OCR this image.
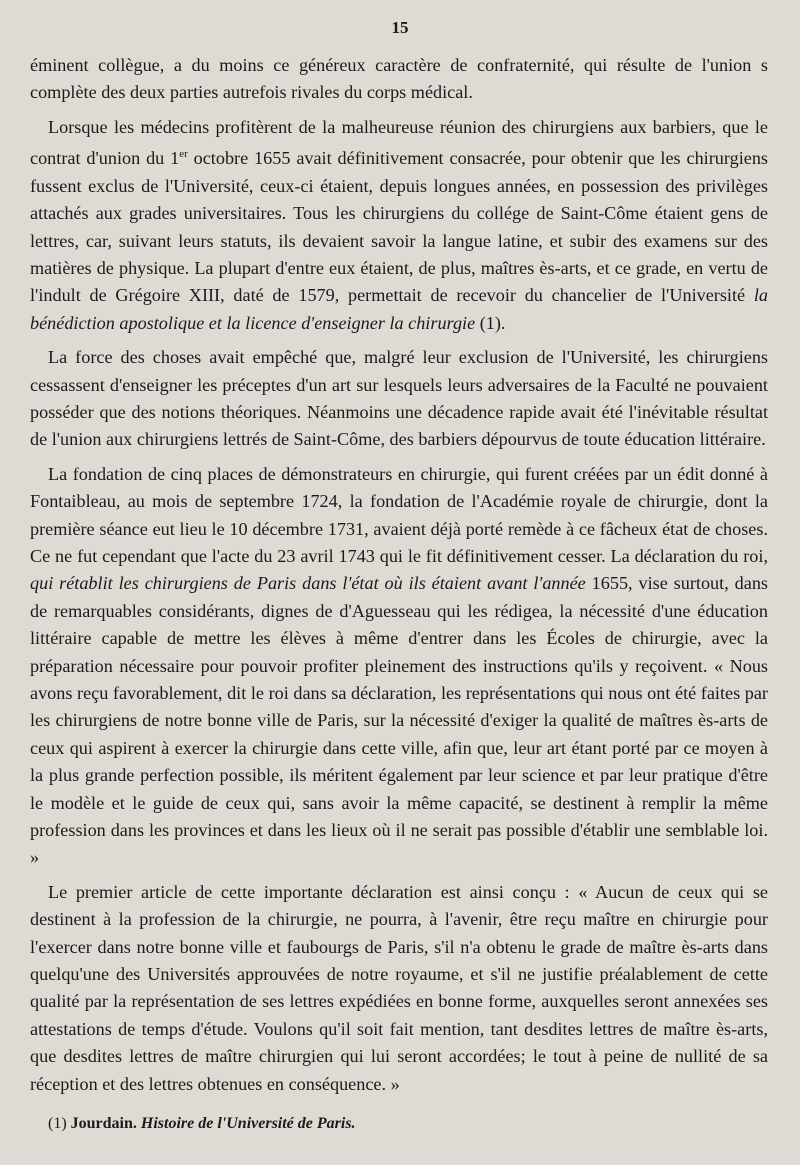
15

éminent collègue, a du moins ce généreux caractère de confraternité, qui résulte de l'union s complète des deux parties autrefois rivales du corps médical.

Lorsque les médecins profitèrent de la malheureuse réunion des chirurgiens aux barbiers, que le contrat d'union du 1er octobre 1655 avait définitivement consacrée, pour obtenir que les chirurgiens fussent exclus de l'Université, ceux-ci étaient, depuis longues années, en possession des privilèges attachés aux grades universitaires. Tous les chirurgiens du collége de Saint-Côme étaient gens de lettres, car, suivant leurs statuts, ils devaient savoir la langue latine, et subir des examens sur des matières de physique. La plupart d'entre eux étaient, de plus, maîtres ès-arts, et ce grade, en vertu de l'indult de Grégoire XIII, daté de 1579, permettait de recevoir du chancelier de l'Université la bénédiction apostolique et la licence d'enseigner la chirurgie (1).

La force des choses avait empêché que, malgré leur exclusion de l'Université, les chirurgiens cessassent d'enseigner les préceptes d'un art sur lesquels leurs adversaires de la Faculté ne pouvaient posséder que des notions théoriques. Néanmoins une décadence rapide avait été l'inévitable résultat de l'union aux chirurgiens lettrés de Saint-Côme, des barbiers dépourvus de toute éducation littéraire.

La fondation de cinq places de démonstrateurs en chirurgie, qui furent créées par un édit donné à Fontaibleau, au mois de septembre 1724, la fondation de l'Académie royale de chirurgie, dont la première séance eut lieu le 10 décembre 1731, avaient déjà porté remède à ce fâcheux état de choses. Ce ne fut cependant que l'acte du 23 avril 1743 qui le fit définitivement cesser. La déclaration du roi, qui rétablit les chirurgiens de Paris dans l'état où ils étaient avant l'année 1655, vise surtout, dans de remarquables considérants, dignes de d'Aguesseau qui les rédigea, la nécessité d'une éducation littéraire capable de mettre les élèves à même d'entrer dans les Écoles de chirurgie, avec la préparation nécessaire pour pouvoir profiter pleinement des instructions qu'ils y reçoivent. « Nous avons reçu favorablement, dit le roi dans sa déclaration, les représentations qui nous ont été faites par les chirurgiens de notre bonne ville de Paris, sur la nécessité d'exiger la qualité de maîtres ès-arts de ceux qui aspirent à exercer la chirurgie dans cette ville, afin que, leur art étant porté par ce moyen à la plus grande perfection possible, ils méritent également par leur science et par leur pratique d'être le modèle et le guide de ceux qui, sans avoir la même capacité, se destinent à remplir la même profession dans les provinces et dans les lieux où il ne serait pas possible d'établir une semblable loi. »

Le premier article de cette importante déclaration est ainsi conçu : « Aucun de ceux qui se destinent à la profession de la chirurgie, ne pourra, à l'avenir, être reçu maître en chirurgie pour l'exercer dans notre bonne ville et faubourgs de Paris, s'il n'a obtenu le grade de maître ès-arts dans quelqu'une des Universités approuvées de notre royaume, et s'il ne justifie préalablement de cette qualité par la représentation de ses lettres expédiées en bonne forme, auxquelles seront annexées ses attestations de temps d'étude. Voulons qu'il soit fait mention, tant desdites lettres de maître ès-arts, que desdites lettres de maître chirurgien qui lui seront accordées; le tout à peine de nullité de sa réception et des lettres obtenues en conséquence. »

(1) Jourdain. Histoire de l'Université de Paris.
